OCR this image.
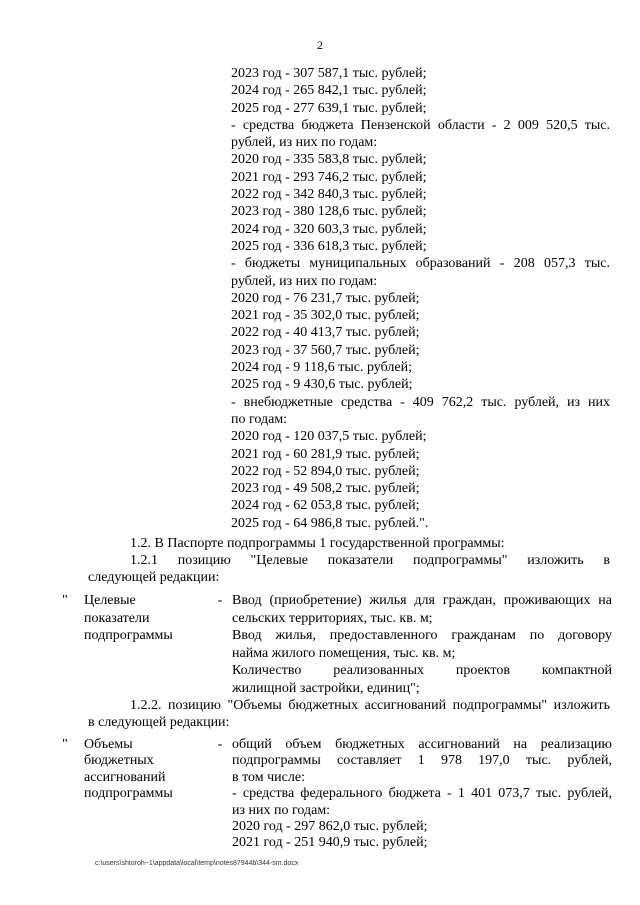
2
2023 год - 307 587,1 тыс. рублей;
2024 год - 265 842,1 тыс. рублей;
2025 год - 277 639,1 тыс. рублей;
- средства бюджета Пензенской области - 2 009 520,5 тыс.
рублей, из них по годам:
2020 год - 335 583,8 тыс. рублей;
2021 год - 293 746,2 тыс. рублей;
2022 год - 342 840,3 тыс. рублей;
2023 год - 380 128,6 тыс. рублей;
2024 год - 320 603,3 тыс. рублей;
2025 год - 336 618,3 тыс. рублей;
- бюджеты муниципальных образований - 208 057,3 тыс.
рублей, из них по годам:
2020 год - 76 231,7 тыс. рублей;
2021 год - 35 302,0 тыс. рублей;
2022 год - 40 413,7 тыс. рублей;
2023 год - 37 560,7 тыс. рублей;
2024 год - 9 118,6 тыс. рублей;
2025 год - 9 430,6 тыс. рублей;
- внебюджетные средства - 409 762,2 тыс. рублей, из них
по годам:
2020 год - 120 037,5 тыс. рублей;
2021 год - 60 281,9 тыс. рублей;
2022 год - 52 894,0 тыс. рублей;
2023 год - 49 508,2 тыс. рублей;
2024 год - 62 053,8 тыс. рублей;
2025 год - 64 986,8 тыс. рублей.".
1.2. В Паспорте подпрограммы 1 государственной программы:
1.2.1 позицию "Целевые показатели подпрограммы" изложить в
следующей редакции:
"	Целевые
показатели
подпрограммы
- Ввод (приобретение) жилья для граждан, проживающих на
сельских территориях, тыс. кв. м;
Ввод жилья, предоставленного гражданам по договору
найма жилого помещения, тыс. кв. м;
Количество реализованных проектов компактной
жилищной застройки, единиц";
1.2.2. позицию "Объемы бюджетных ассигнований подпрограммы" изложить
в следующей редакции:
"	Объемы
бюджетных
ассигнований
подпрограммы
- общий объем бюджетных ассигнований на реализацию
подпрограммы составляет 1 978 197,0 тыс. рублей,
в том числе:
- средства федерального бюджета - 1 401 073,7 тыс. рублей,
из них по годам:
2020 год - 297 862,0 тыс. рублей;
2021 год - 251 940,9 тыс. рублей;
c:\users\shtoroh~1\appdata\local\temp\notes87944b\344-sm.docx
